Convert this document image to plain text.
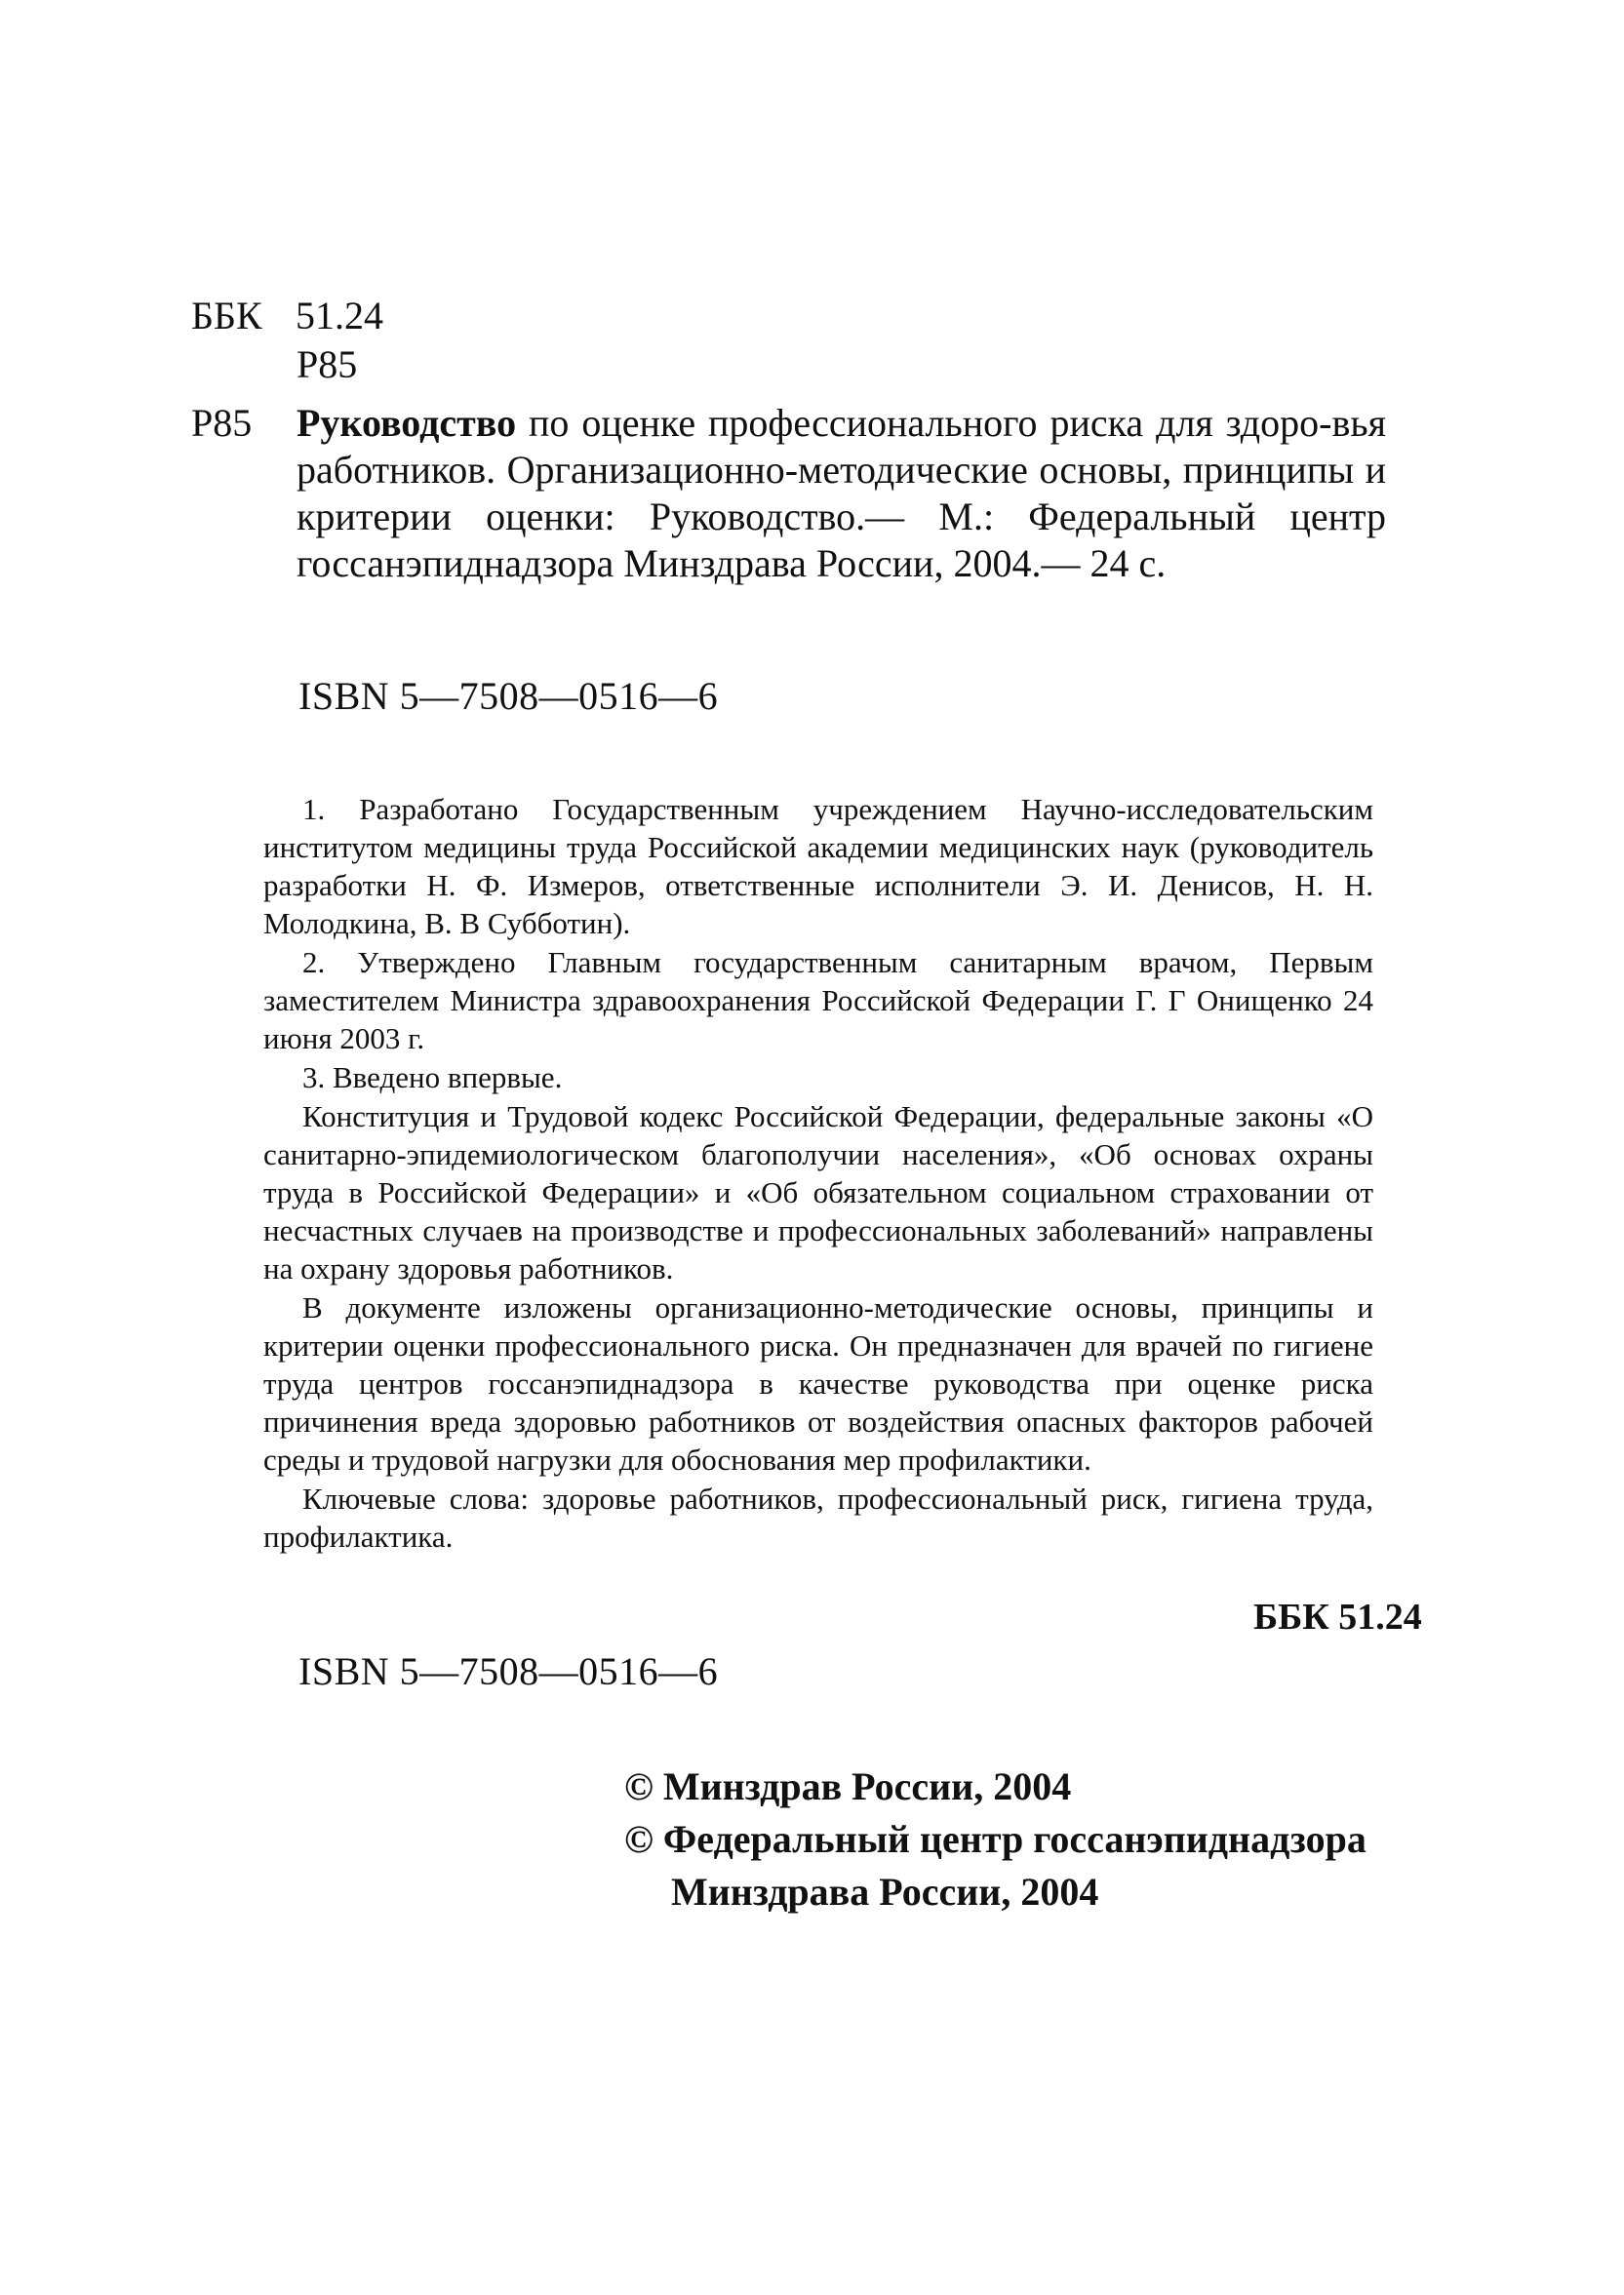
ББК 51.24
Р85
Р85 Руководство по оценке профессионального риска для здоро-вья работников. Организационно-методические основы, принципы и критерии оценки: Руководство.— М.: Федеральный центр госсанэпиднадзора Минздрава России, 2004.— 24 с.
ISBN 5—7508—0516—6

1. Разработано Государственным учреждением Научно-исследовательским институтом медицины труда Российской академии медицинских наук (руководитель разработки Н. Ф. Измеров, ответственные исполнители Э. И. Денисов, Н. Н. Молодкина, В. В Субботин).

2. Утверждено Главным государственным санитарным врачом, Первым заместителем Министра здравоохранения Российской Федерации Г. Г Онищенко 24 июня 2003 г.

3. Введено впервые.

Конституция и Трудовой кодекс Российской Федерации, федеральные законы «О санитарно-эпидемиологическом благополучии населения», «Об основах охраны труда в Российской Федерации» и «Об обязательном социальном страховании от несчастных случаев на производстве и профессиональных заболеваний» направлены на охрану здоровья работников.

В документе изложены организационно-методические основы, принципы и критерии оценки профессионального риска. Он предназначен для врачей по гигиене труда центров госсанэпиднадзора в качестве руководства при оценке риска причинения вреда здоровью работников от воздействия опасных факторов рабочей среды и трудовой нагрузки для обоснования мер профилактики.

Ключевые слова: здоровье работников, профессиональный риск, гигиена труда, профилактика.

ББК 51.24
ISBN 5—7508—0516—6
© Минздрав России, 2004
© Федеральный центр госсанэпиднадзора
Минздрава России, 2004
